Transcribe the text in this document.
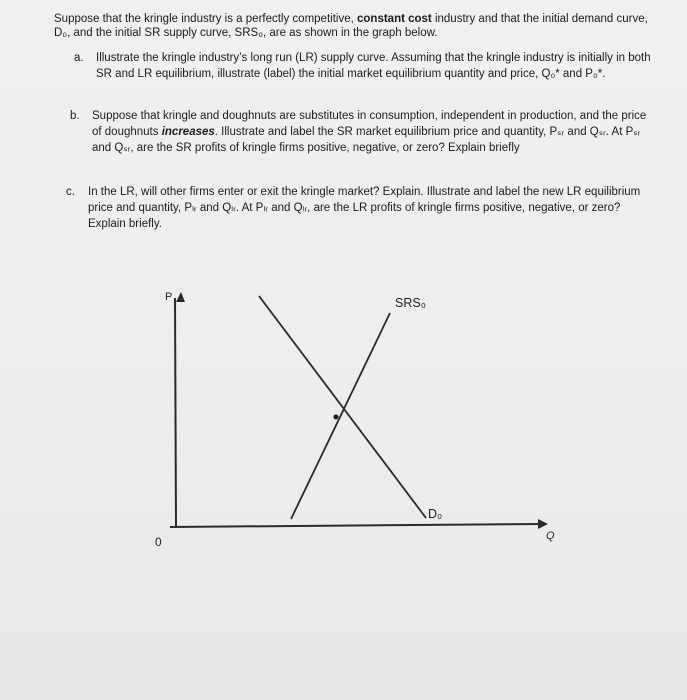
Suppose that the kringle industry is a perfectly competitive, constant cost industry and that the initial demand curve, D₀, and the initial SR supply curve, SRS₀, are as shown in the graph below.
a. Illustrate the kringle industry’s long run (LR) supply curve. Assuming that the kringle industry is initially in both SR and LR equilibrium, illustrate (label) the initial market equilibrium quantity and price, Q₀* and P₀*.
b. Suppose that kringle and doughnuts are substitutes in consumption, independent in production, and the price of doughnuts increases. Illustrate and label the SR market equilibrium price and quantity, Pₛᵣ and Qₛᵣ. At Pₛᵣ and Qₛᵣ, are the SR profits of kringle firms positive, negative, or zero? Explain briefly
c. In the LR, will other firms enter or exit the kringle market? Explain. Illustrate and label the new LR equilibrium price and quantity, Pₗᵣ and Qₗᵣ. At Pₗᵣ and Qₗᵣ, are the LR profits of kringle firms positive, negative, or zero? Explain briefly.
P
Q
0
SRS₀
D₀
